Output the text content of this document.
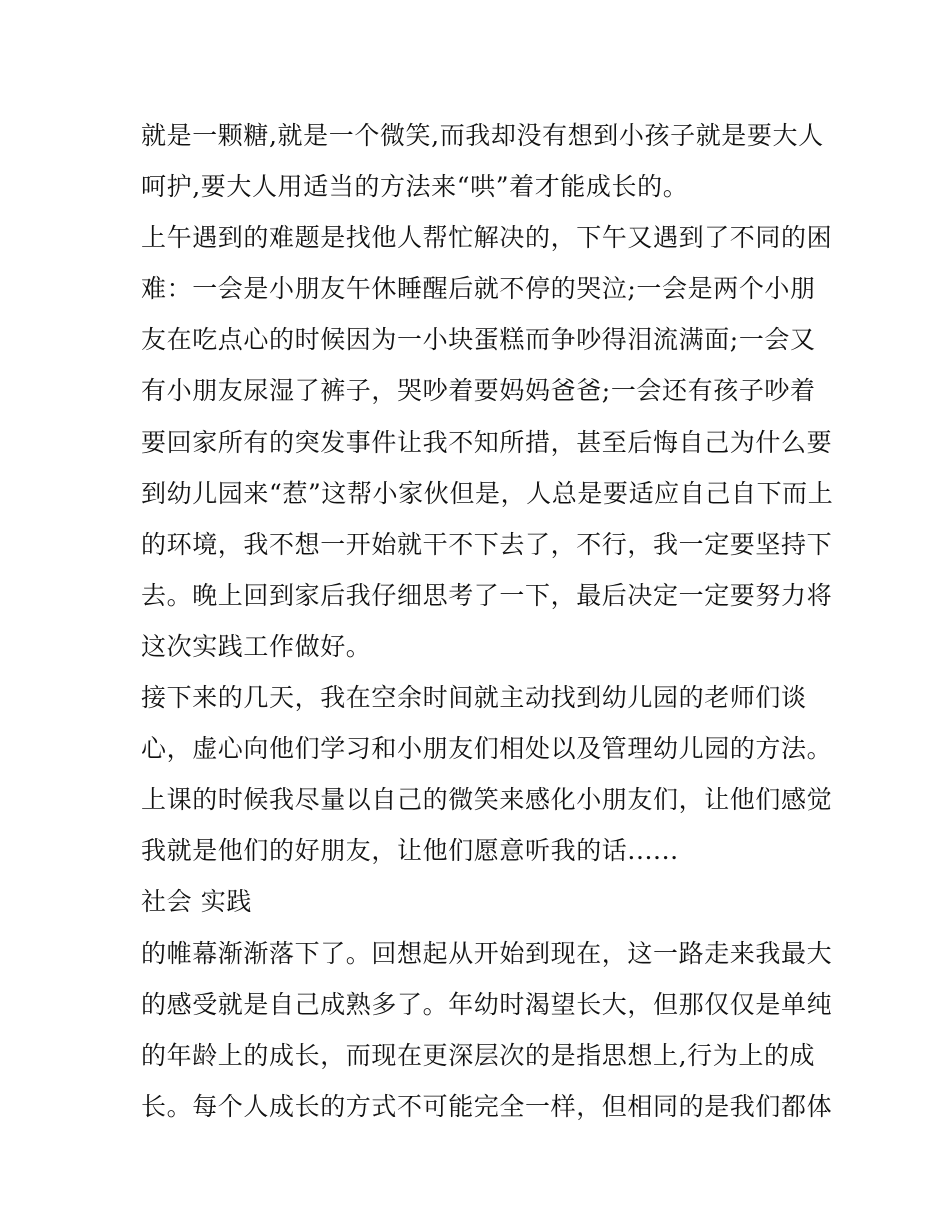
就是一颗糖,就是一个微笑,而我却没有想到小孩子就是要大人
呵护,要大人用适当的方法来“哄”着才能成长的。
上午遇到的难题是找他人帮忙解决的，下午又遇到了不同的困
难：一会是小朋友午休睡醒后就不停的哭泣;一会是两个小朋
友在吃点心的时候因为一小块蛋糕而争吵得泪流满面;一会又
有小朋友尿湿了裤子，哭吵着要妈妈爸爸;一会还有孩子吵着
要回家所有的突发事件让我不知所措，甚至后悔自己为什么要
到幼儿园来“惹”这帮小家伙但是，人总是要适应自己自下而上
的环境，我不想一开始就干不下去了，不行，我一定要坚持下
去。晚上回到家后我仔细思考了一下，最后决定一定要努力将
这次实践工作做好。
接下来的几天，我在空余时间就主动找到幼儿园的老师们谈
心，虚心向他们学习和小朋友们相处以及管理幼儿园的方法。
上课的时候我尽量以自己的微笑来感化小朋友们，让他们感觉
我就是他们的好朋友，让他们愿意听我的话......
社会 实践
的帷幕渐渐落下了。回想起从开始到现在，这一路走来我最大
的感受就是自己成熟多了。年幼时渴望长大，但那仅仅是单纯
的年龄上的成长，而现在更深层次的是指思想上,行为上的成
长。每个人成长的方式不可能完全一样，但相同的是我们都体
